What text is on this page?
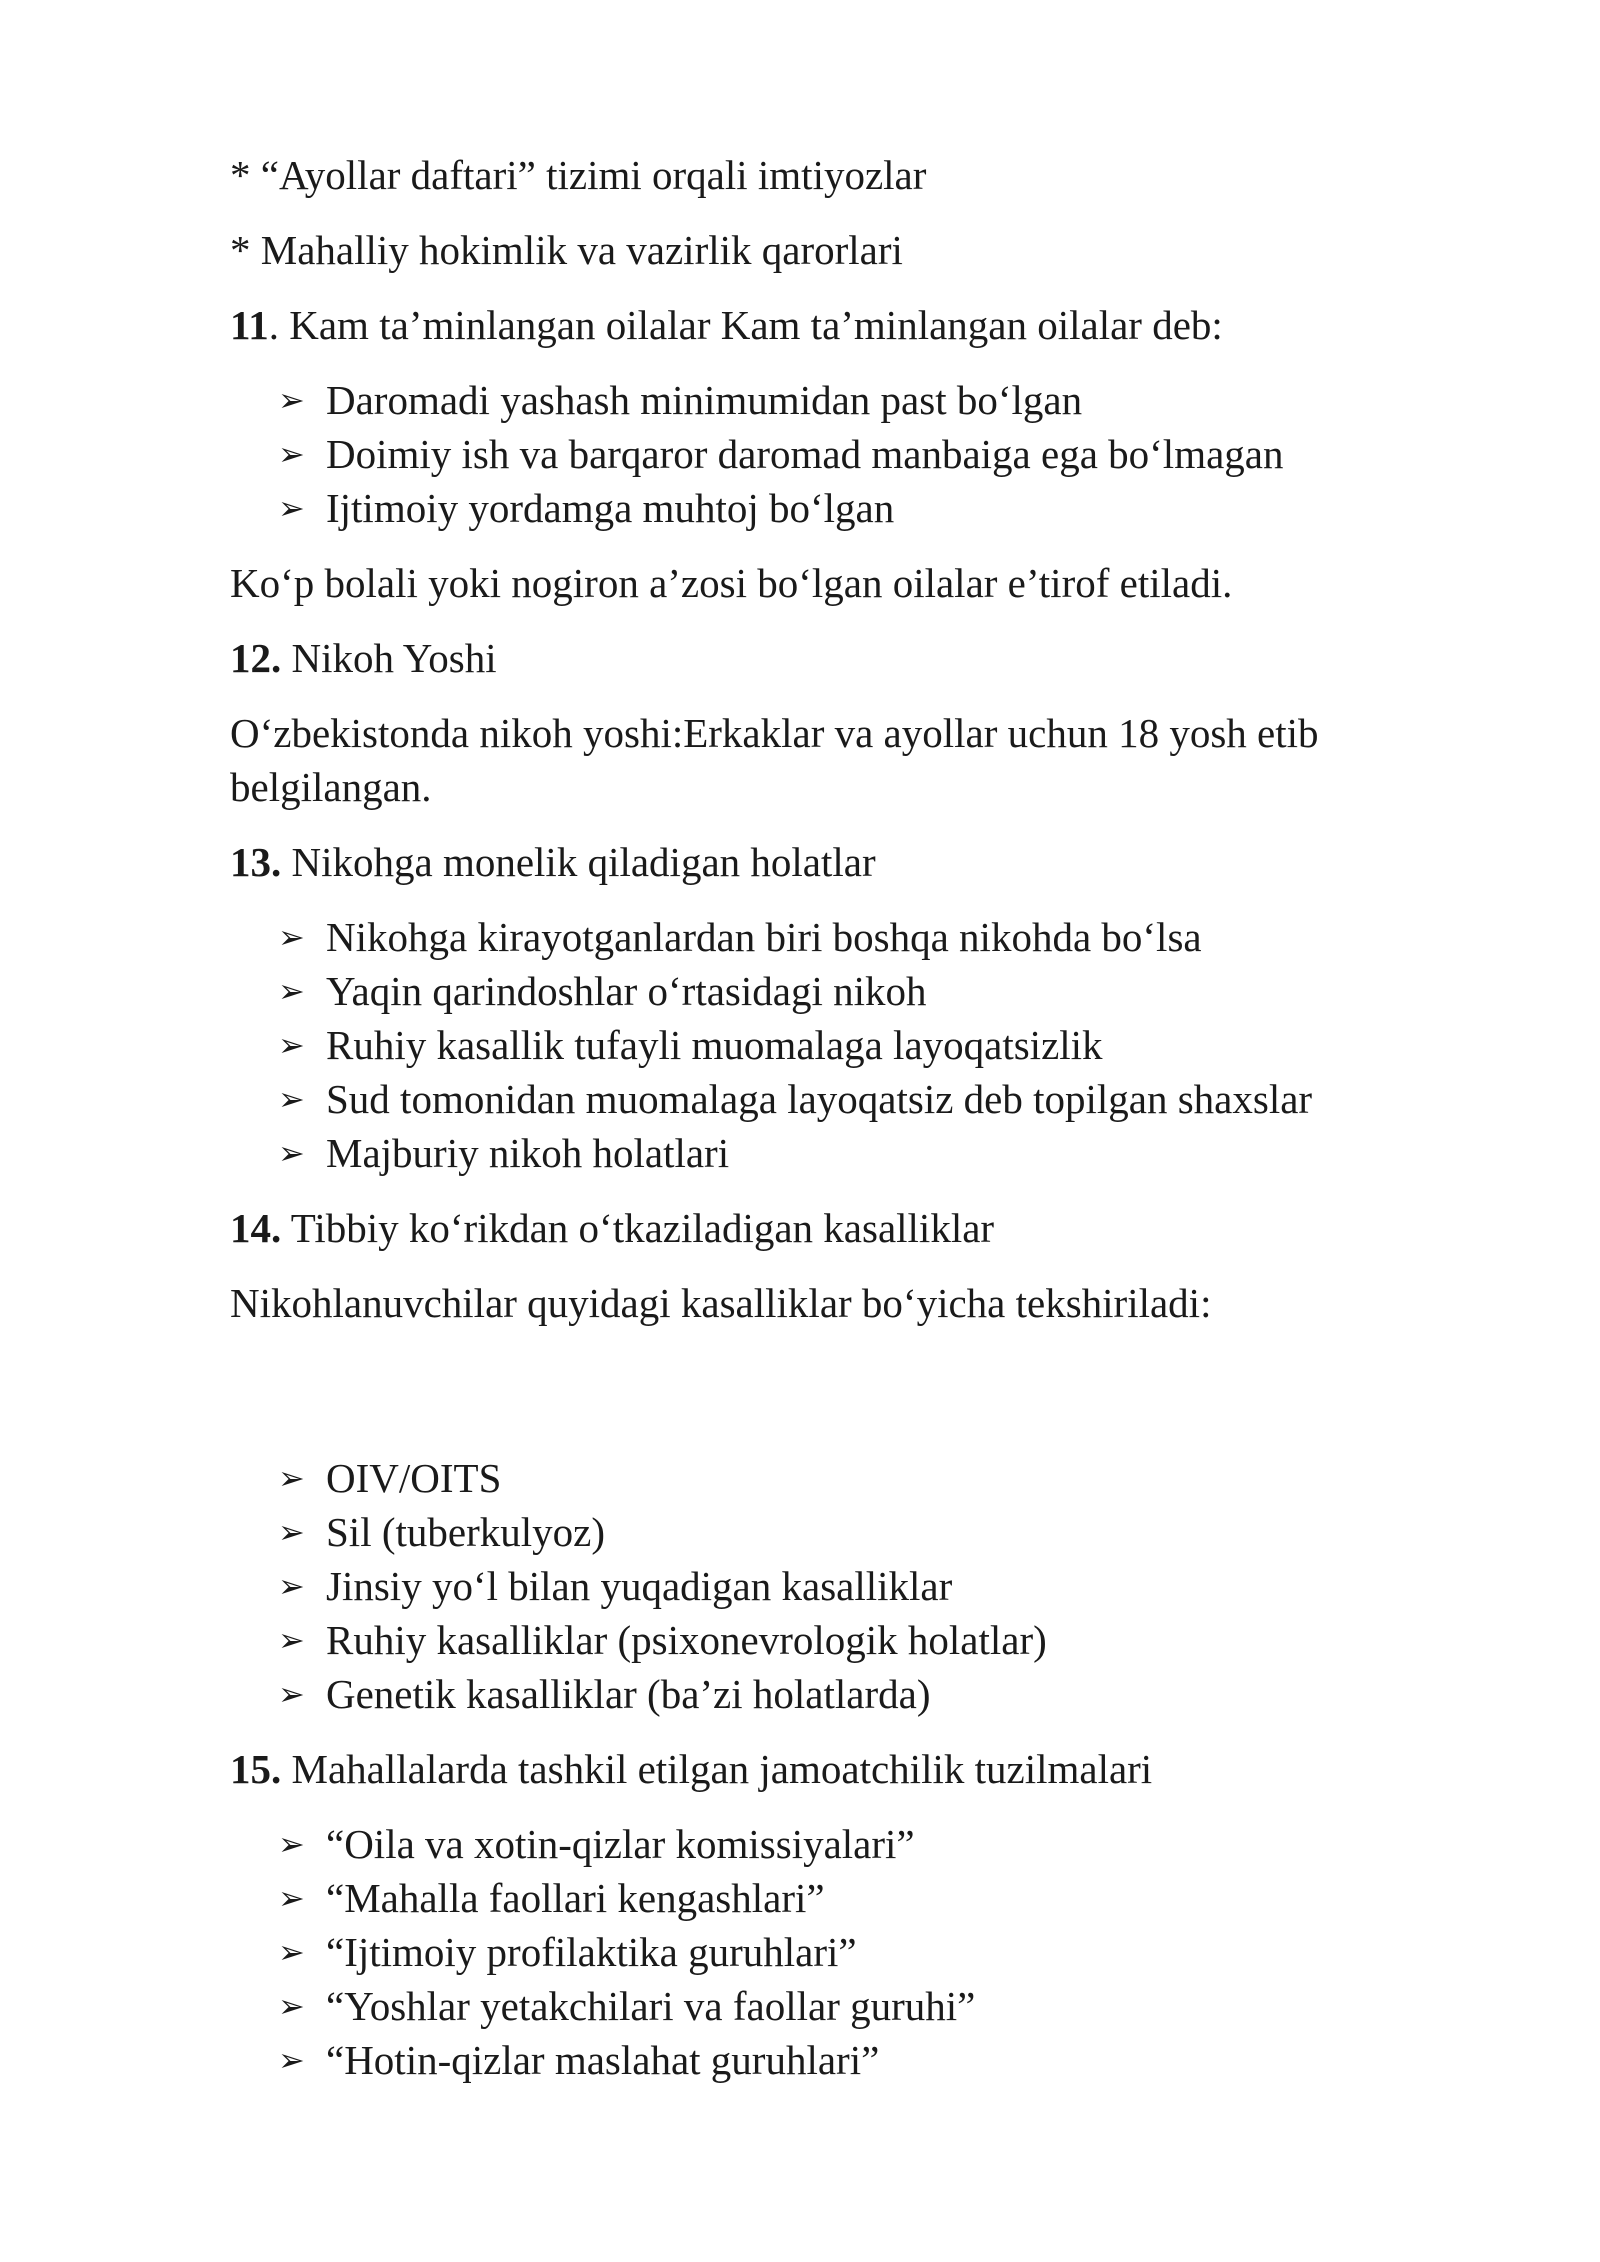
* “Ayollar daftari” tizimi orqali imtiyozlar

* Mahalliy hokimlik va vazirlik qarorlari

11. Kam ta’minlangan oilalar Kam ta’minlangan oilalar deb:

➢ Daromadi yashash minimumidan past bo‘lgan
➢ Doimiy ish va barqaror daromad manbaiga ega bo‘lmagan
➢ Ijtimoiy yordamga muhtoj bo‘lgan

Ko‘p bolali yoki nogiron a’zosi bo‘lgan oilalar e’tirof etiladi.

12. Nikoh Yoshi

O‘zbekistonda nikoh yoshi:Erkaklar va ayollar uchun 18 yosh etib belgilangan.

13. Nikohga monelik qiladigan holatlar

➢ Nikohga kirayotganlardan biri boshqa nikohda bo‘lsa
➢ Yaqin qarindoshlar o‘rtasidagi nikoh
➢ Ruhiy kasallik tufayli muomalaga layoqatsizlik
➢ Sud tomonidan muomalaga layoqatsiz deb topilgan shaxslar
➢ Majburiy nikoh holatlari

14. Tibbiy ko‘rikdan o‘tkaziladigan kasalliklar

Nikohlanuvchilar quyidagi kasalliklar bo‘yicha tekshiriladi:

➢ OIV/OITS
➢ Sil (tuberkulyoz)
➢ Jinsiy yo‘l bilan yuqadigan kasalliklar
➢ Ruhiy kasalliklar (psixonevrologik holatlar)
➢ Genetik kasalliklar (ba’zi holatlarda)

15. Mahallalarda tashkil etilgan jamoatchilik tuzilmalari

➢ “Oila va xotin-qizlar komissiyalari”
➢ “Mahalla faollari kengashlari”
➢ “Ijtimoiy profilaktika guruhlari”
➢ “Yoshlar yetakchilari va faollar guruhi”
➢ “Hotin-qizlar maslahat guruhlari”
